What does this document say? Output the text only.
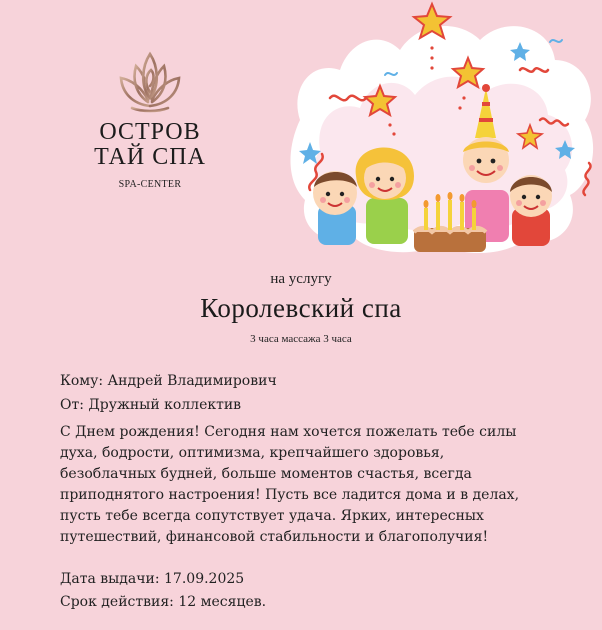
ОСТРОВ
ТАЙ СПА
SPA-CENTER
на услугу
Королевский спа
3 часа массажа 3 часа
Кому: Андрей Владимирович
От: Дружный коллектив
С Днем рождения! Сегодня нам хочется пожелать тебе силы духа, бодрости, оптимизма, крепчайшего здоровья, безоблачных будней, больше моментов счастья, всегда приподнятого настроения! Пусть все ладится дома и в делах, пусть тебе всегда сопутствует удача. Ярких, интересных путешествий, финансовой стабильности и благополучия!
Дата выдачи: 17.09.2025
Срок действия: 12 месяцев.
